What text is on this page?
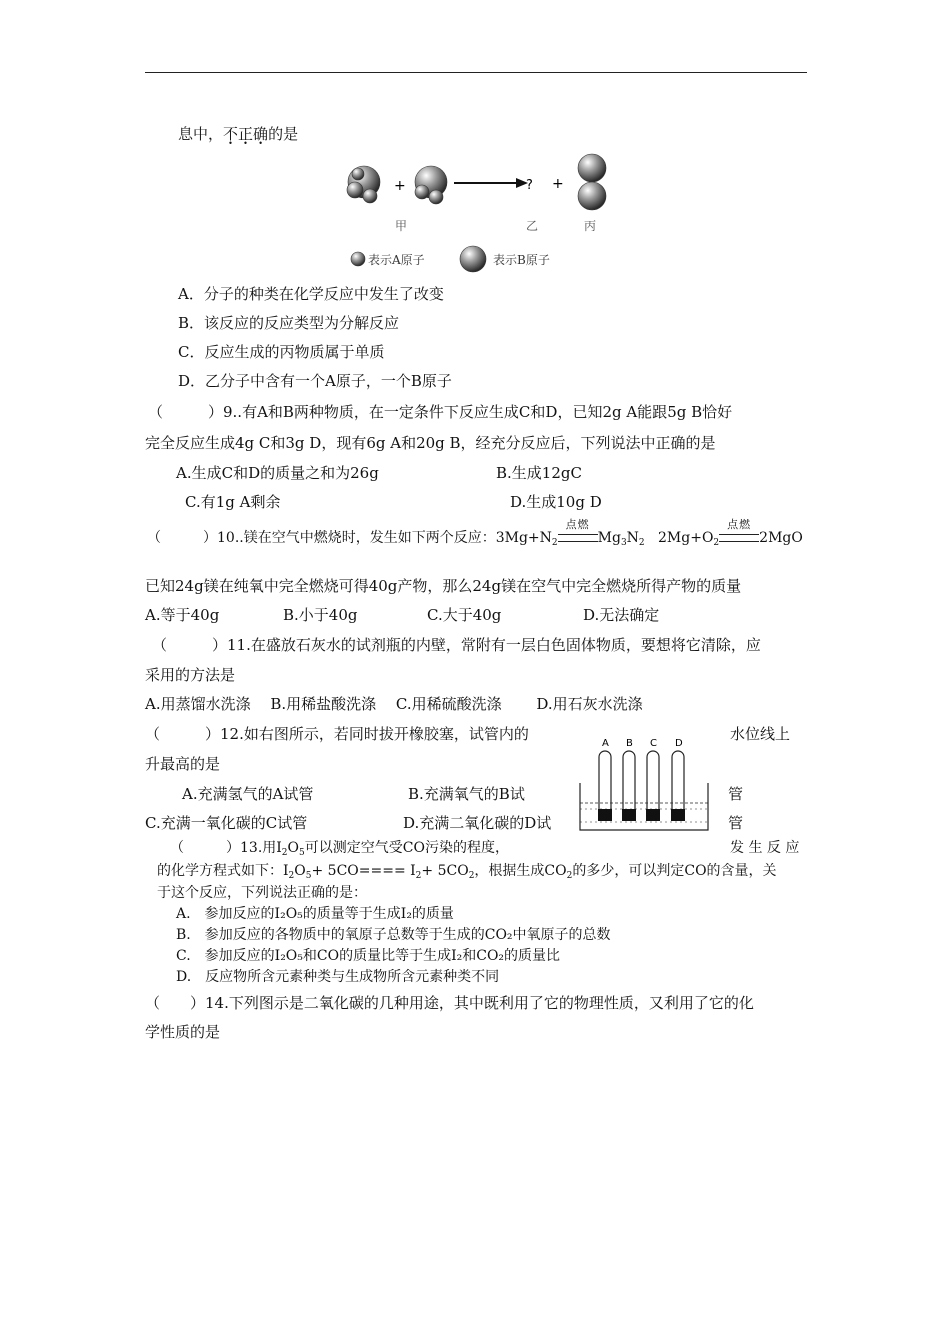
息中，不正确的是
+	? +
甲	乙	丙
表示A原子	表示B原子
A．分子的种类在化学反应中发生了改变
B．该反应的反应类型为分解反应
C．反应生成的丙物质属于单质
D．乙分子中含有一个A原子，一个B原子
（　　　）9..有A和B两种物质，在一定条件下反应生成C和D，已知2g A能跟5g B恰好
完全反应生成4g C和3g D，现有6g A和20g B，经充分反应后，下列说法中正确的是
A.生成C和D的质量之和为26g	B.生成12gC
C.有1g A剩余	D.生成10g D
（　　　）10..镁在空气中燃烧时，发生如下两个反应：$3Mg+N_2$
点燃
$Mg_3N_2$   $2Mg+O_2$
点燃
2MgO
已知24g镁在纯氧中完全燃烧可得40g产物，那么24g镁在空气中完全燃烧所得产物的质量
A.等于40g	B.小于40g	C.大于40g	D.无法确定
（　　　）11.在盛放石灰水的试剂瓶的内壁，常附有一层白色固体物质，要想将它清除，应
采用的方法是
A.用蒸馏水洗涤　 B.用稀盐酸洗涤　 C.用稀硫酸洗涤　　 D.用石灰水洗涤
（　　　）12.如右图所示，若同时拔开橡胶塞，试管内的	水位线上
升最高的是
A.充满氢气的A试管	B.充满氧气的B试	管
C.充满一氧化碳的C试管	D.充满二氧化碳的D试	管
A B C D
（　　　）13.用$I_2O_5$可以测定空气受CO污染的程度，	发 生 反 应
的化学方程式如下：$I_2O_5+ 5CO==== I_2+ 5CO_2$，根据生成$CO_2$的多少，可以判定CO的含量，关
于这个反应，下列说法正确的是：
A.　参加反应的I₂O₅的质量等于生成I₂的质量
B.　参加反应的各物质中的氧原子总数等于生成的CO₂中氧原子的总数
C.　参加反应的I₂O₅和CO的质量比等于生成I₂和CO₂的质量比
D.　反应物所含元素种类与生成物所含元素种类不同
（　　）14.下列图示是二氧化碳的几种用途，其中既利用了它的物理性质，又利用了它的化
学性质的是
